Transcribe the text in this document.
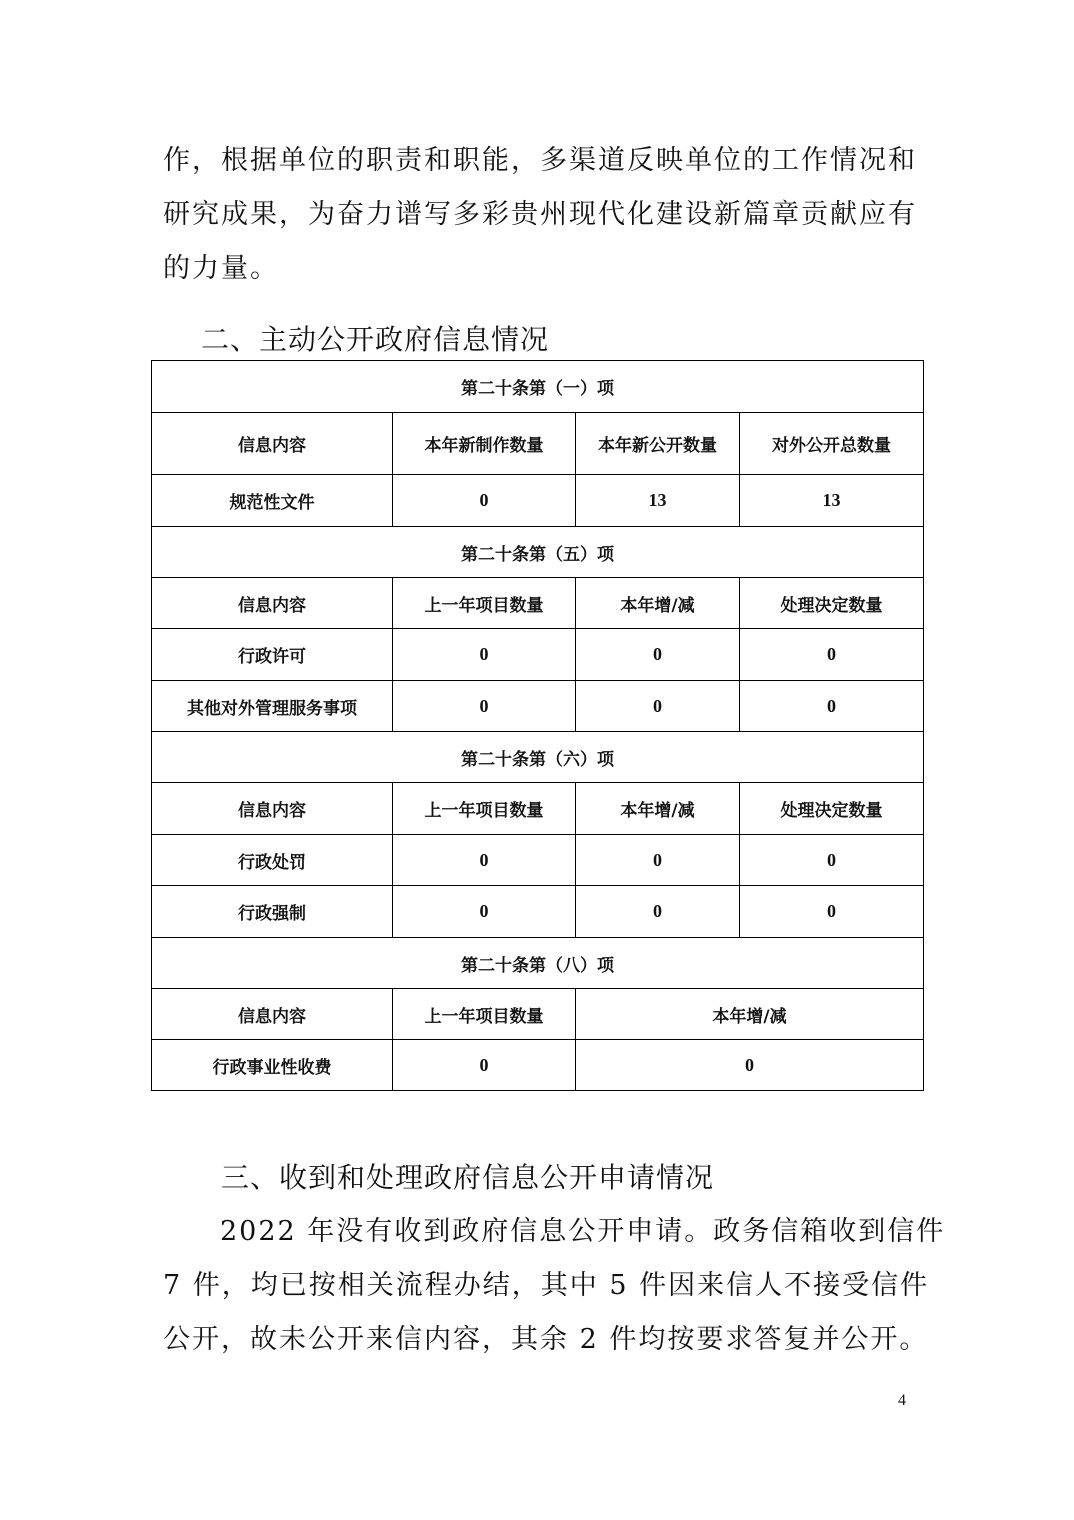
作，根据单位的职责和职能，多渠道反映单位的工作情况和
研究成果，为奋力谱写多彩贵州现代化建设新篇章贡献应有
的力量。
二、主动公开政府信息情况
第二十条第（一）项			
信息内容	本年新制作数量	本年新公开数量	对外公开总数量
规范性文件	0	13	13
第二十条第（五）项			
信息内容	上一年项目数量	本年增/减	处理决定数量
行政许可	0	0	0
其他对外管理服务事项	0	0	0
第二十条第（六）项			
信息内容	上一年项目数量	本年增/减	处理决定数量
行政处罚	0	0	0
行政强制	0	0	0
第二十条第（八）项			
信息内容	上一年项目数量	本年增/减	
行政事业性收费	0	0	
三、收到和处理政府信息公开申请情况
2022 年没有收到政府信息公开申请。政务信箱收到信件
7 件，均已按相关流程办结，其中 5 件因来信人不接受信件
公开，故未公开来信内容，其余 2 件均按要求答复并公开。
4
